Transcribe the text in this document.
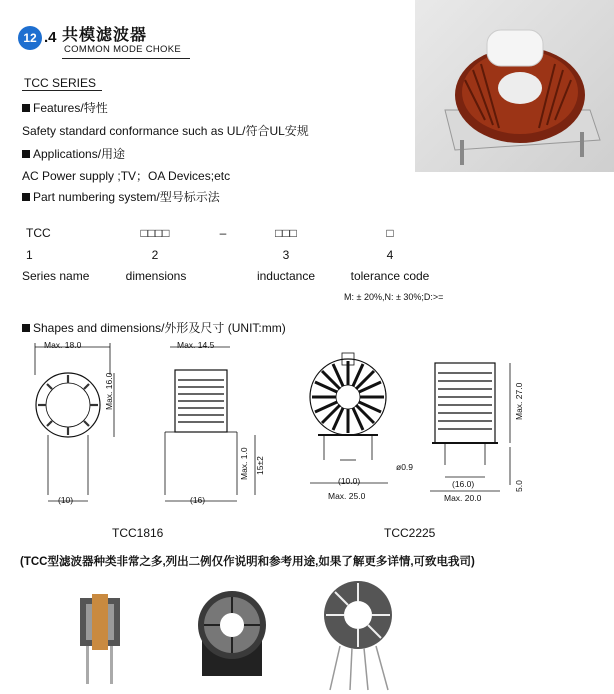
12 .4 共模滤波器
COMMON MODE CHOKE
TCC SERIES
Features/特性
Safety standard conformance such as UL/符合UL安规
Applications/用途
AC Power supply ;TV；OA Devices;etc
Part numbering system/型号标示法
TCC	□□□□	–	□□□	□
1	2	3	4
Series name	dimensions	inductance	tolerance code
M: ± 20%,N: ± 30%;D:>=
Shapes and dimensions/外形及尺寸 (UNIT:mm)
Max. 18.0
Max. 16.0
(10)
Max. 14.5
(16)
Max. 1.0 15±2
(10.0)
ø0.9
Max. 25.0
(16.0)
Max. 20.0
Max. 27.0
5.0
TCC1816	TCC2225
(TCC型滤波器种类非常之多,列出二例仅作说明和参考用途,如果了解更多详情,可致电我司)
